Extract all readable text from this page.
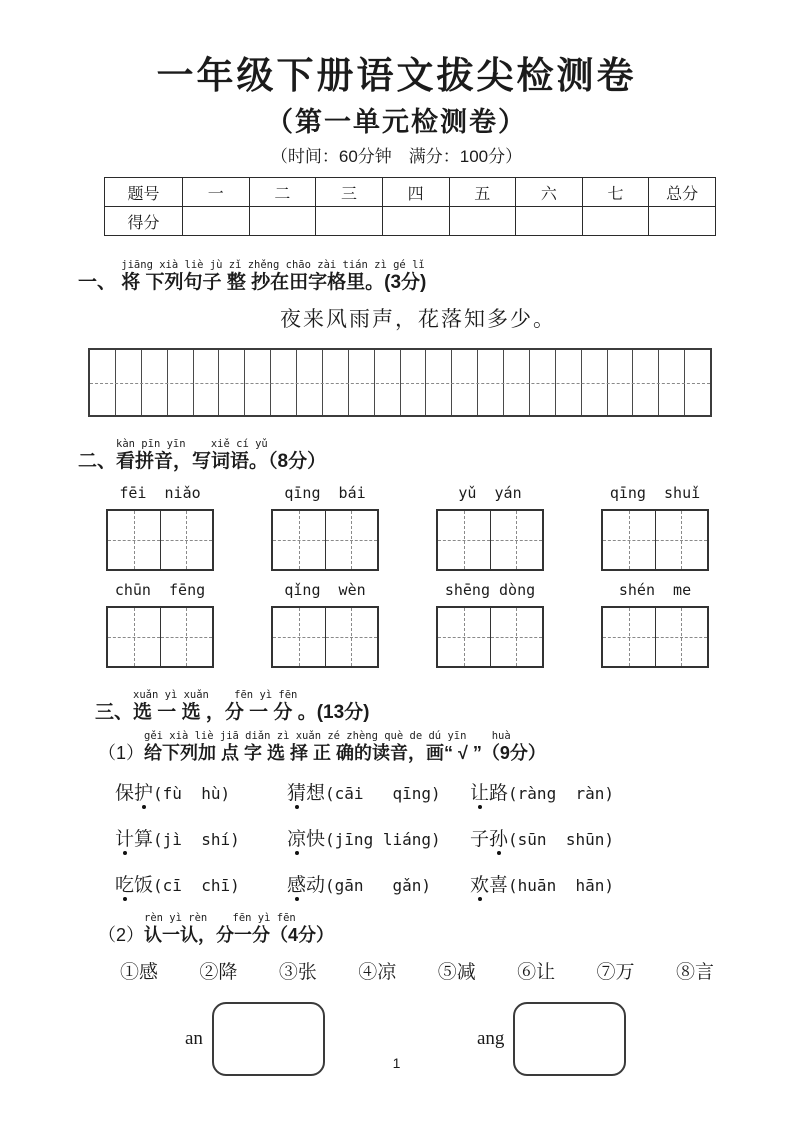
一年级下册语文拔尖检测卷
（第一单元检测卷）
（时间：60分钟　满分：100分）
题号	一	二	三	四	五	六	七	总分
得分								
一、
jiāng xià liè jù zǐ zhěng chāo zài tián zì gé lǐ
将 下列句子 整 抄在田字格里。(3分)
夜来风雨声，花落知多少。
二、
kàn pīn yīn    xiě cí yǔ
看拼音，写词语。（8分）
fēi  niǎo	qīng  bái	yǔ  yán	qīng  shuǐ
chūn  fēng	qǐng  wèn	shēng dòng	shén  me
三、
xuǎn yì xuǎn    fēn yì fēn
选 一 选 ，分 一 分 。(13分)
（1）
gěi xià liè jiā diǎn zì xuǎn zé zhèng què de dú yīn    huà
给下列加 点 字 选 择 正 确的读音，画“ √ ”（9分）
保护 (fù  hù)	猜想 (cāi   qīng) 让路 (ràng  ràn)
计算 (jì  shí) 凉快 (jīng liáng) 子孙 (sūn  shūn)
吃饭 (cī  chī) 感动 (gān   gǎn) 欢喜 (huān  hān)
（2）
rèn yì rèn    fēn yì fēn
认一认，分一分（4分）
①感 ②降 ③张 ④凉 ⑤减 ⑥让 ⑦万 ⑧言
an	ang
1
